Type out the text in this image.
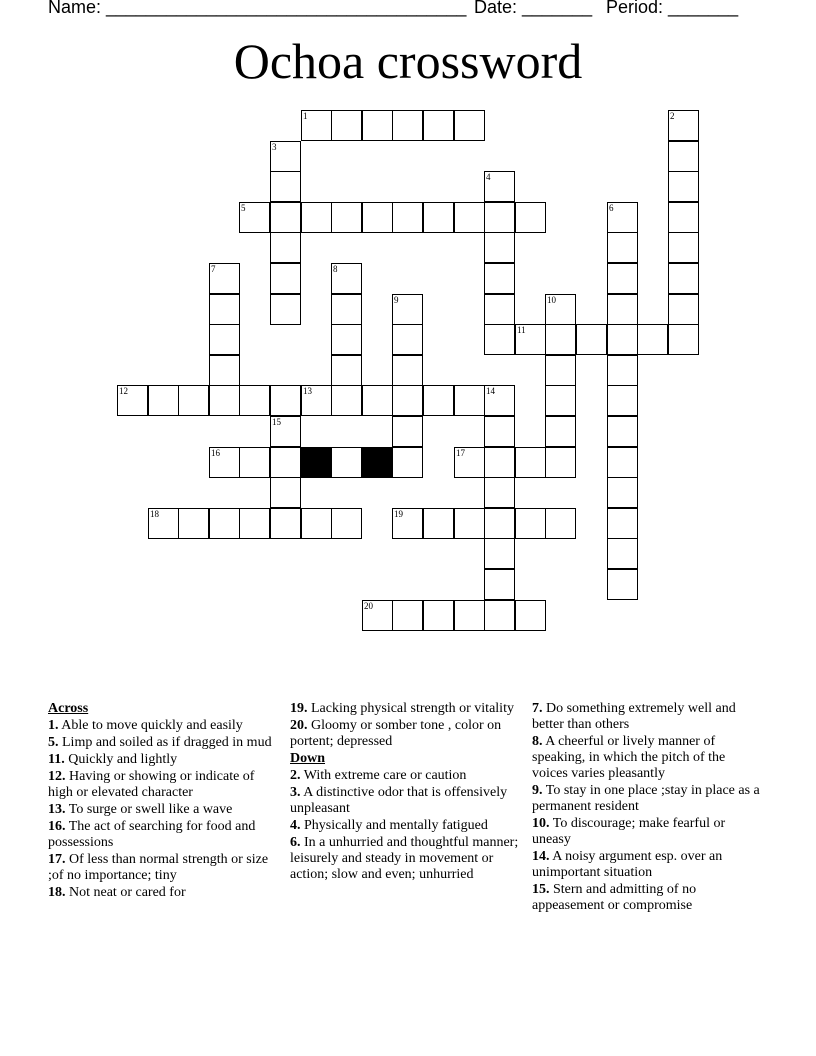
Name: ____________________________________ Date: _______ Period: _______
Ochoa crossword
1	2
3
4
5	6
7	8
9	10
11
12	13	14
15
16	17
18	19
20
Across
1. Able to move quickly and easily
5. Limp and soiled as if dragged in mud
11. Quickly and lightly
12. Having or showing or indicate of high or elevated character
13. To surge or swell like a wave
16. The act of searching for food and possessions
17. Of less than normal strength or size ;of no importance; tiny
18. Not neat or cared for
19. Lacking physical strength or vitality
20. Gloomy or somber tone , color on portent; depressed
Down
2. With extreme care or caution
3. A distinctive odor that is offensively unpleasant
4. Physically and mentally fatigued
6. In a unhurried and thoughtful manner; leisurely and steady in movement or action; slow and even; unhurried
7. Do something extremely well and better than others
8. A cheerful or lively manner of speaking, in which the pitch of the voices varies pleasantly
9. To stay in one place ;stay in place as a permanent resident
10. To discourage; make fearful or uneasy
14. A noisy argument esp. over an unimportant situation
15. Stern and admitting of no appeasement or compromise
